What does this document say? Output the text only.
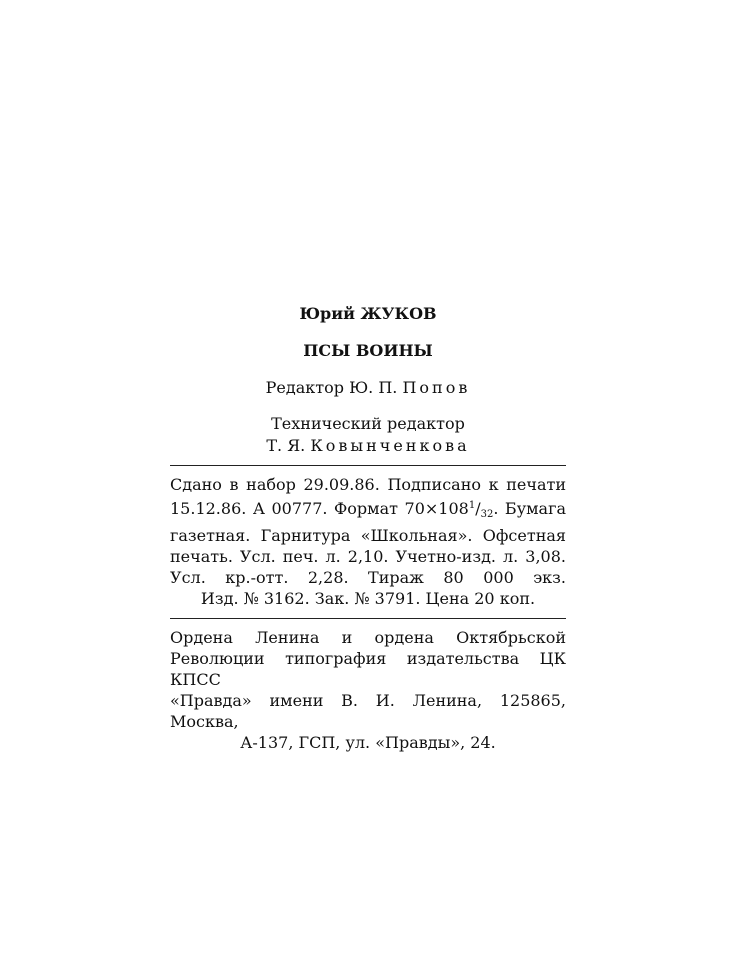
Юрий ЖУКОВ

ПСЫ ВОИНЫ

Редактор Ю. П. Попов

Технический редактор

Т. Я. Ковынченкова

Сдано в набор 29.09.86. Подписано к печати

15.12.86. А 00777. Формат $70\times 108^1/_{32}$. Бумага

газетная. Гарнитура «Школьная». Офсетная

печать. Усл. печ. л. 2,10. Учетно-изд. л. 3,08.

Усл. кр.-отт. 2,28. Тираж 80 000 экз.

Изд. № 3162. Зак. № 3791. Цена 20 коп.

Ордена Ленина и ордена Октябрьской

Революции типография издательства ЦК КПСС

«Правда» имени В. И. Ленина, 125865, Москва,

А-137, ГСП, ул. «Правды», 24.
